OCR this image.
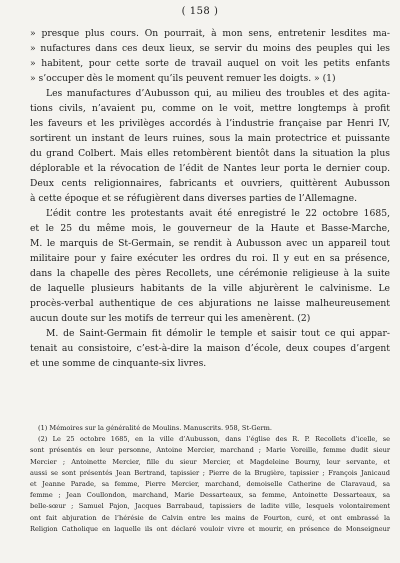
( 158 )
» presque plus cours. On pourrait, à mon sens, entretenir lesdites ma-
» nufactures dans ces deux lieux, se servir du moins des peuples qui les
» habitent, pour cette sorte de travail auquel on voit les petits enfants
» s’occuper dès le moment qu’ils peuvent remuer les doigts. » (1)
Les manufactures d’Aubusson qui, au milieu des troubles et des agita-
tions civils, n’avaient pu, comme on le voit, mettre longtemps à profit
les faveurs et les privilèges accordés à l’industrie française par Henri IV,
sortirent un instant de leurs ruines, sous la main protectrice et puissante
du grand Colbert. Mais elles retombèrent bientôt dans la situation la plus
déplorable et la révocation de l’édit de Nantes leur porta le dernier coup.
Deux cents religionnaires, fabricants et ouvriers, quittèrent Aubusson
à cette époque et se réfugièrent dans diverses parties de l’Allemagne.
L’édit contre les protestants avait été enregistré le 22 octobre 1685,
et le 25 du même mois, le gouverneur de la Haute et Basse-Marche,
M. le marquis de St-Germain, se rendit à Aubusson avec un appareil tout
militaire pour y faire exécuter les ordres du roi. Il y eut en sa présence,
dans la chapelle des pères Recollets, une cérémonie religieuse à la suite
de laquelle plusieurs habitants de la ville abjurèrent le calvinisme. Le
procès-verbal authentique de ces abjurations ne laisse malheureusement
aucun doute sur les motifs de terreur qui les amenèrent. (2)
M. de Saint-Germain fit démolir le temple et saisir tout ce qui appar-
tenait au consistoire, c’est-à-dire la maison d’école, deux coupes d’argent
et une somme de cinquante-six livres.
(1) Mémoires sur la généralité de Moulins. Manuscrits. 958, St-Germ.
(2) Le 25 octobre 1685, en la ville d’Aubusson, dans l’église des R. P. Recollets d’icelle, se
sont présentés en leur personne, Antoine Mercier, marchand ; Marie Voreille, femme dudit sieur
Mercier ; Antoinette Mercier, fille du sieur Mercier, et Magdeleine Bourny, leur servante, et
aussi se sont présentés Jean Bertrand, tapissier ; Pierre de la Brugière, tapissier ; François Janicaud
et Jeanne Parade, sa femme, Pierre Mercier, marchand, demoiselle Catherine de Claravaud, sa
femme ; Jean Coullondon, marchand, Marie Dessarteaux, sa femme, Antoinette Dessarteaux, sa
belle-sœur ; Samuel Pajon, Jacques Barrabaud, tapissiers de ladite ville, lesquels volontairement
ont fait abjuration de l’hérésie de Calvin entre les mains de Fourton, curé, et ont embrassé la
Religion Catholique en laquelle ils ont déclaré vouloir vivre et mourir, en présence de Monseigneur
